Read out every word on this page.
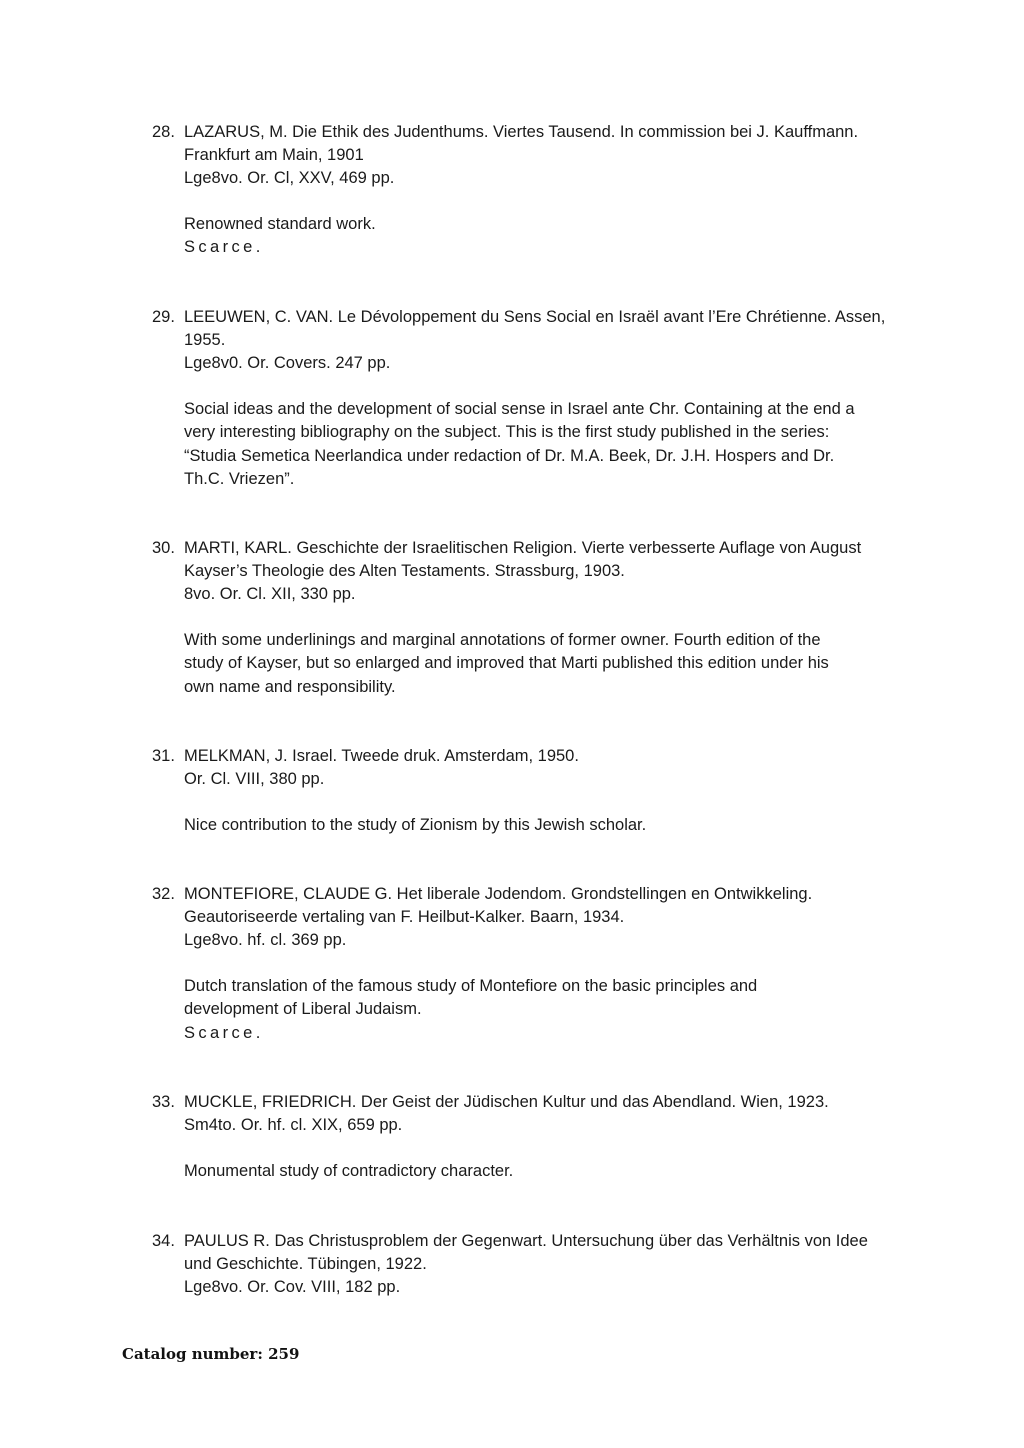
28. LAZARUS, M. Die Ethik des Judenthums. Viertes Tausend. In commission bei J. Kauffmann.
Frankfurt am Main, 1901
Lge8vo. Or. Cl, XXV, 469 pp.
Renowned standard work.
Scarce.
29. LEEUWEN, C. VAN. Le Dévoloppement du Sens Social en Israël avant l’Ere Chrétienne. Assen,
1955.
Lge8v0. Or. Covers. 247 pp.
Social ideas and the development of social sense in Israel ante Chr. Containing at the end a
very interesting bibliography on the subject. This is the first study published in the series:
“Studia Semetica Neerlandica under redaction of Dr. M.A. Beek, Dr. J.H. Hospers and Dr.
Th.C. Vriezen”.
30. MARTI, KARL. Geschichte der Israelitischen Religion. Vierte verbesserte Auflage von August
Kayser’s Theologie des Alten Testaments. Strassburg, 1903.
8vo. Or. Cl. XII, 330 pp.
With some underlinings and marginal annotations of former owner. Fourth edition of the
study of Kayser, but so enlarged and improved that Marti published this edition under his
own name and responsibility.
31. MELKMAN, J. Israel. Tweede druk. Amsterdam, 1950.
Or. Cl. VIII, 380 pp.
Nice contribution to the study of Zionism by this Jewish scholar.
32. MONTEFIORE, CLAUDE G. Het liberale Jodendom. Grondstellingen en Ontwikkeling.
Geautoriseerde vertaling van F. Heilbut-Kalker. Baarn, 1934.
Lge8vo. hf. cl. 369 pp.
Dutch translation of the famous study of Montefiore on the basic principles and
development of Liberal Judaism.
Scarce.
33. MUCKLE, FRIEDRICH. Der Geist der Jüdischen Kultur und das Abendland. Wien, 1923.
Sm4to. Or. hf. cl. XIX, 659 pp.
Monumental study of contradictory character.
34. PAULUS R. Das Christusproblem der Gegenwart. Untersuchung über das Verhältnis von Idee
und Geschichte. Tübingen, 1922.
Lge8vo. Or. Cov. VIII, 182 pp.
Catalog number: 259
